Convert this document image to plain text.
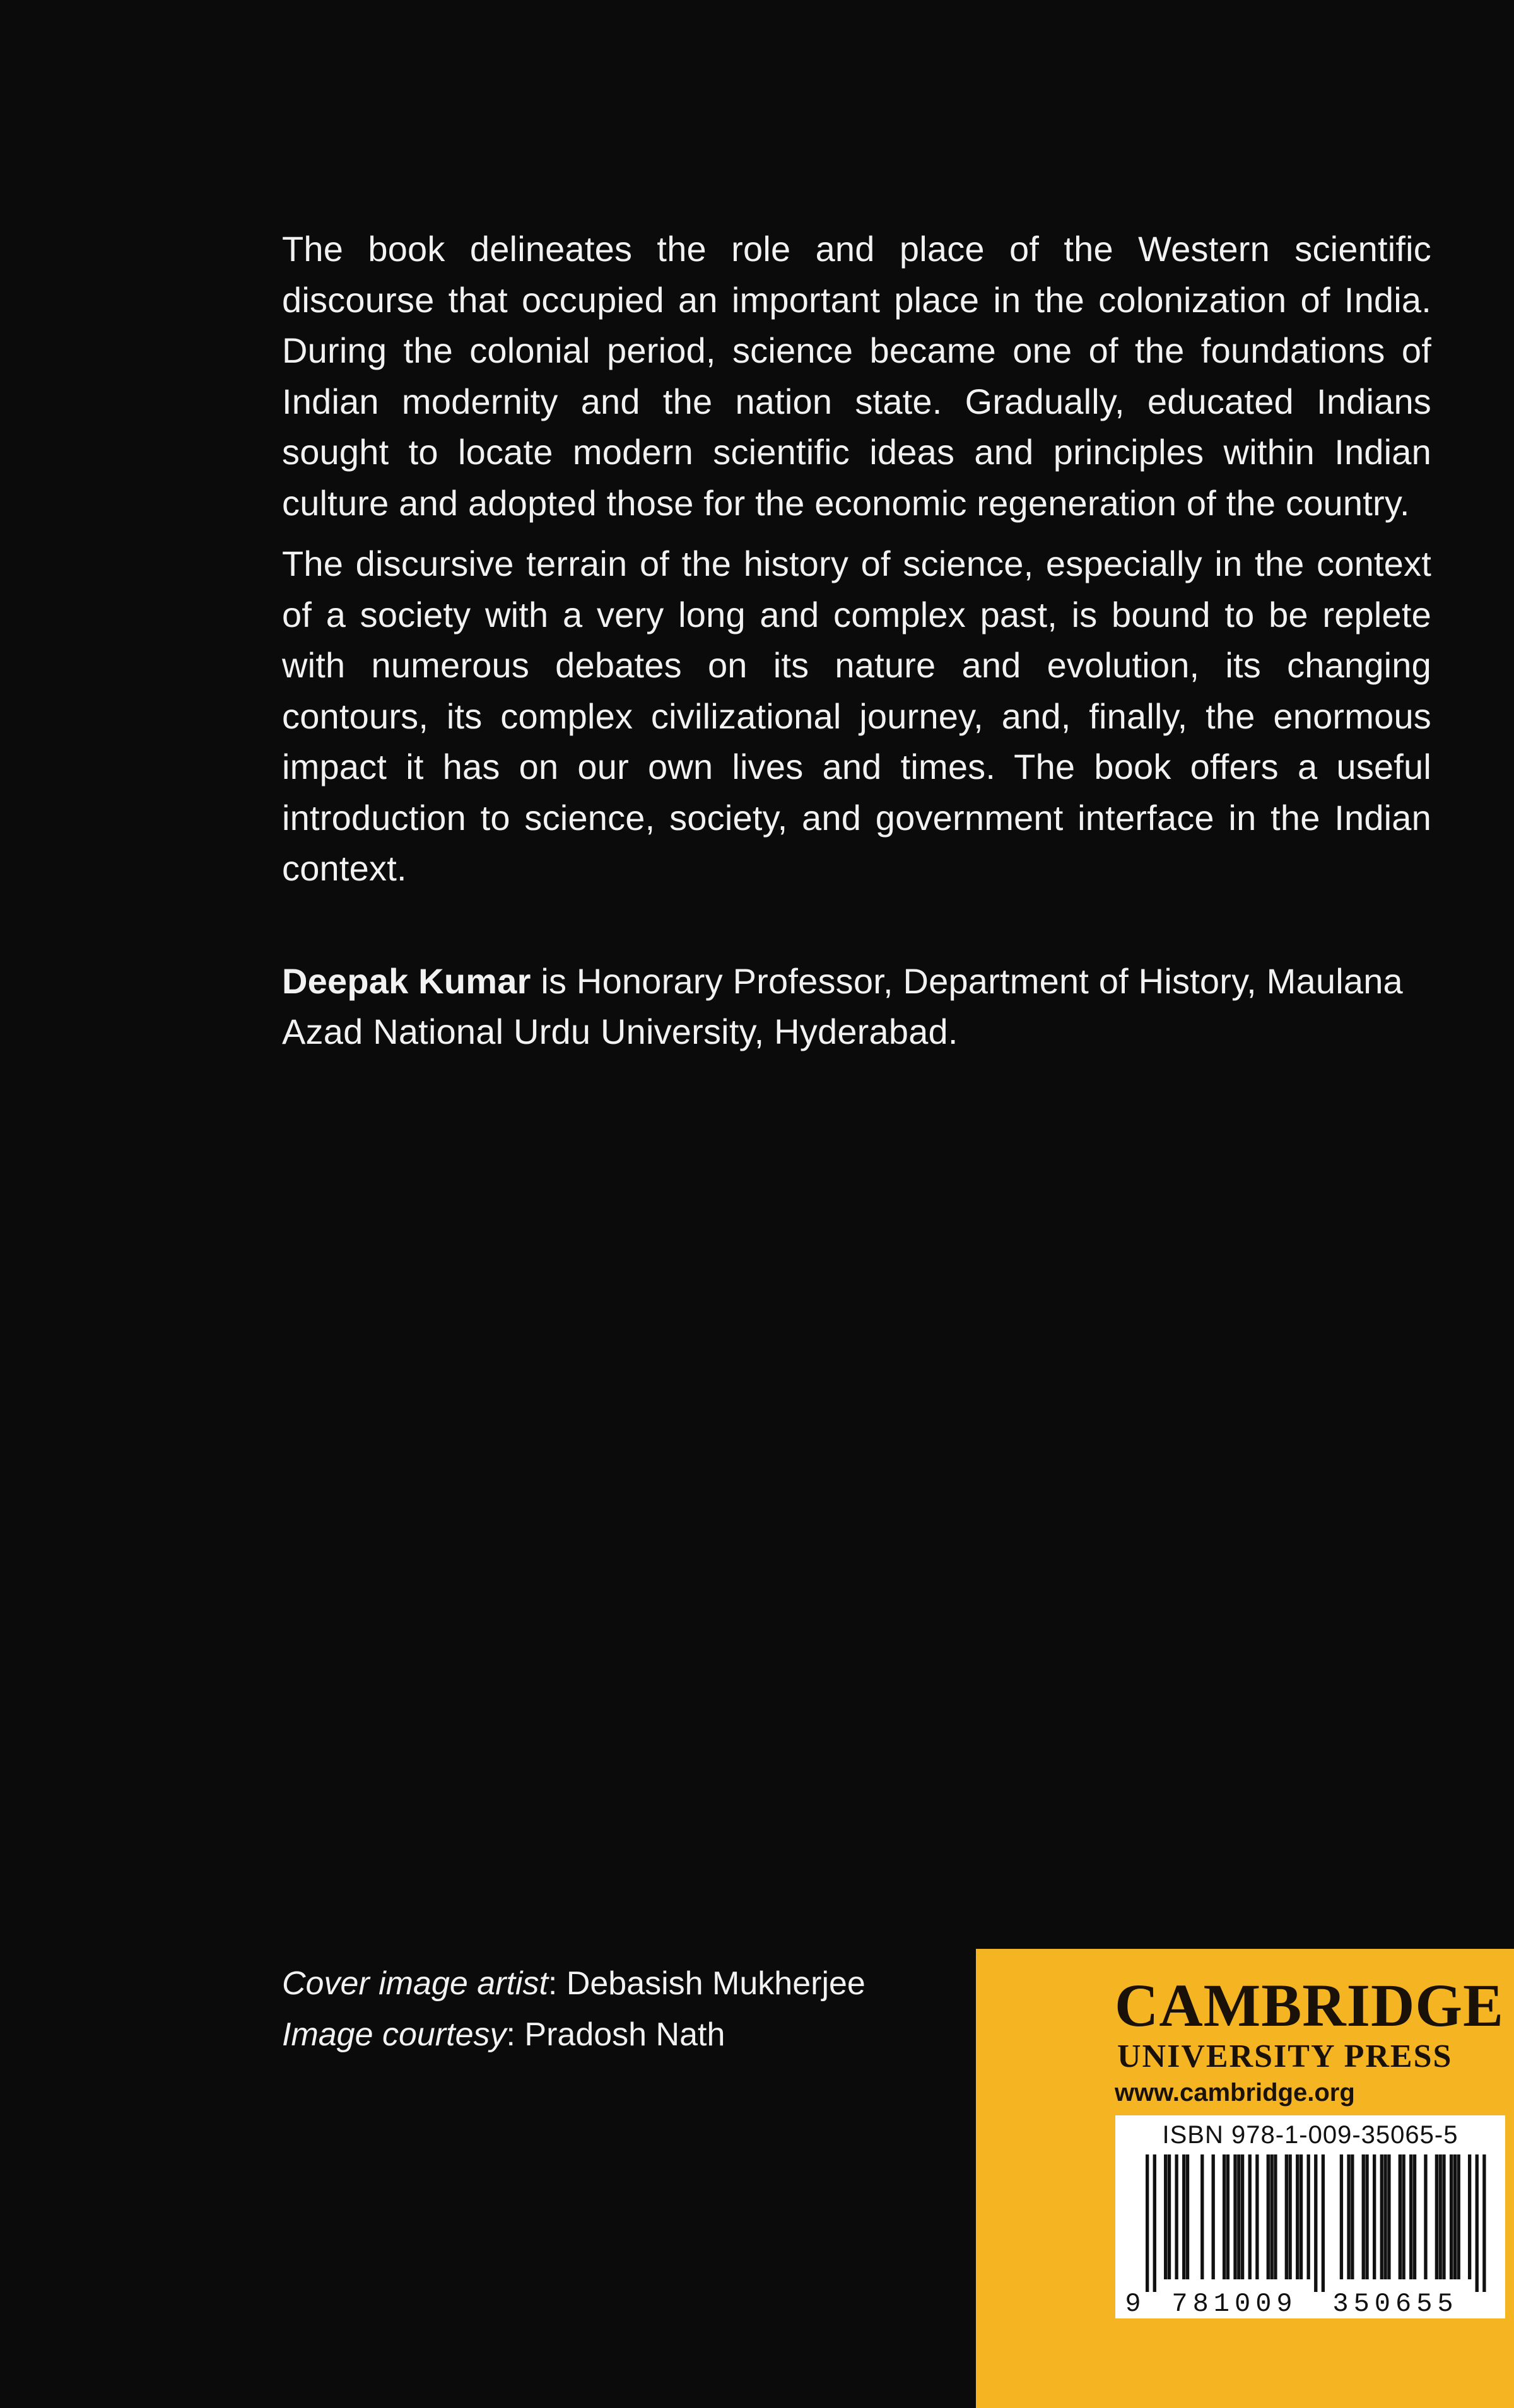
The book delineates the role and place of the Western scientific discourse that occupied an important place in the colonization of India. During the colonial period, science became one of the foundations of Indian modernity and the nation state. Gradually, educated Indians sought to locate modern scientific ideas and principles within Indian culture and adopted those for the economic regeneration of the country.

The discursive terrain of the history of science, especially in the context of a society with a very long and complex past, is bound to be replete with numerous debates on its nature and evolution, its changing contours, its complex civilizational journey, and, finally, the enormous impact it has on our own lives and times. The book offers a useful introduction to science, society, and government interface in the Indian context.

Deepak Kumar is Honorary Professor, Department of History, Maulana Azad National Urdu University, Hyderabad.

Cover image artist: Debasish Mukherjee
Image courtesy: Pradosh Nath	CAMBRIDGE
UNIVERSITY PRESS
www.cambridge.org
ISBN 978-1-009-35065-5
9 781009 350655
